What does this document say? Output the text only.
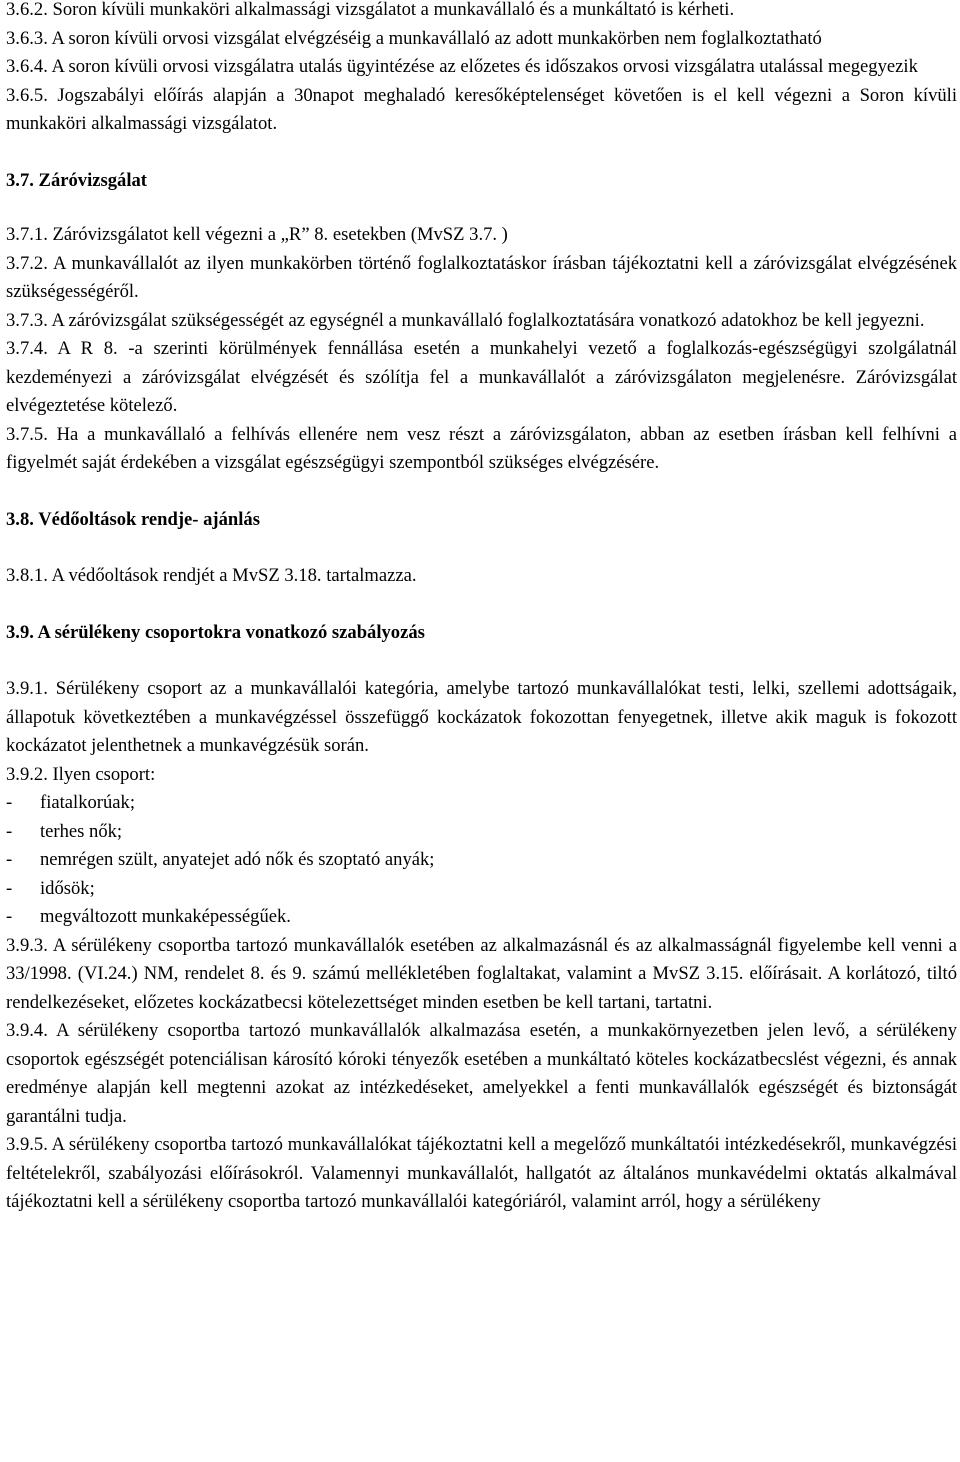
3.6.2. Soron kívüli munkaköri alkalmassági vizsgálatot a munkavállaló és a munkáltató is kérheti.

3.6.3. A soron kívüli orvosi vizsgálat elvégzéséig a munkavállaló az adott munkakörben nem foglalkoztatható

3.6.4. A soron kívüli orvosi vizsgálatra utalás ügyintézése az előzetes és időszakos orvosi vizsgálatra utalással megegyezik

3.6.5. Jogszabályi előírás alapján a 30napot meghaladó keresőképtelenséget követően is el kell végezni a Soron kívüli munkaköri alkalmassági vizsgálatot.

3.7. Záróvizsgálat

3.7.1. Záróvizsgálatot kell végezni a „R” 8. esetekben (MvSZ 3.7. )

3.7.2. A munkavállalót az ilyen munkakörben történő foglalkoztatáskor írásban tájékoztatni kell a záróvizsgálat elvégzésének szükségességéről.

3.7.3. A záróvizsgálat szükségességét az egységnél a munkavállaló foglalkoztatására vonatkozó adatokhoz be kell jegyezni.

3.7.4. A R 8. -a szerinti körülmények fennállása esetén a munkahelyi vezető a foglalkozás-egészségügyi szolgálatnál kezdeményezi a záróvizsgálat elvégzését és szólítja fel a munkavállalót a záróvizsgálaton megjelenésre. Záróvizsgálat elvégeztetése kötelező.

3.7.5. Ha a munkavállaló a felhívás ellenére nem vesz részt a záróvizsgálaton, abban az esetben írásban kell felhívni a figyelmét saját érdekében a vizsgálat egészségügyi szempontból szükséges elvégzésére.

3.8. Védőoltások rendje- ajánlás

3.8.1. A védőoltások rendjét a MvSZ 3.18. tartalmazza.

3.9. A sérülékeny csoportokra vonatkozó szabályozás

3.9.1. Sérülékeny csoport az a munkavállalói kategória, amelybe tartozó munkavállalókat testi, lelki, szellemi adottságaik, állapotuk következtében a munkavégzéssel összefüggő kockázatok fokozottan fenyegetnek, illetve akik maguk is fokozott kockázatot jelenthetnek a munkavégzésük során.

3.9.2. Ilyen csoport:

-	fiatalkorúak;
-	terhes nők;
-	nemrégen szült, anyatejet adó nők és szoptató anyák;
-	idősök;
-	megváltozott munkaképességűek.

3.9.3. A sérülékeny csoportba tartozó munkavállalók esetében az alkalmazásnál és az alkalmasságnál figyelembe kell venni a 33/1998. (VI.24.) NM, rendelet 8. és 9. számú mellékletében foglaltakat, valamint a MvSZ 3.15. előírásait. A korlátozó, tiltó rendelkezéseket, előzetes kockázatbecsi kötelezettséget minden esetben be kell tartani, tartatni.

3.9.4. A sérülékeny csoportba tartozó munkavállalók alkalmazása esetén, a munkakörnyezetben jelen levő, a sérülékeny csoportok egészségét potenciálisan károsító kóroki tényezők esetében a munkáltató köteles kockázatbecslést végezni, és annak eredménye alapján kell megtenni azokat az intézkedéseket, amelyekkel a fenti munkavállalók egészségét és biztonságát garantálni tudja.

3.9.5. A sérülékeny csoportba tartozó munkavállalókat tájékoztatni kell a megelőző munkáltatói intézkedésekről, munkavégzési feltételekről, szabályozási előírásokról. Valamennyi munkavállalót, hallgatót az általános munkavédelmi oktatás alkalmával tájékoztatni kell a sérülékeny csoportba tartozó munkavállalói kategóriáról, valamint arról, hogy a sérülékeny
